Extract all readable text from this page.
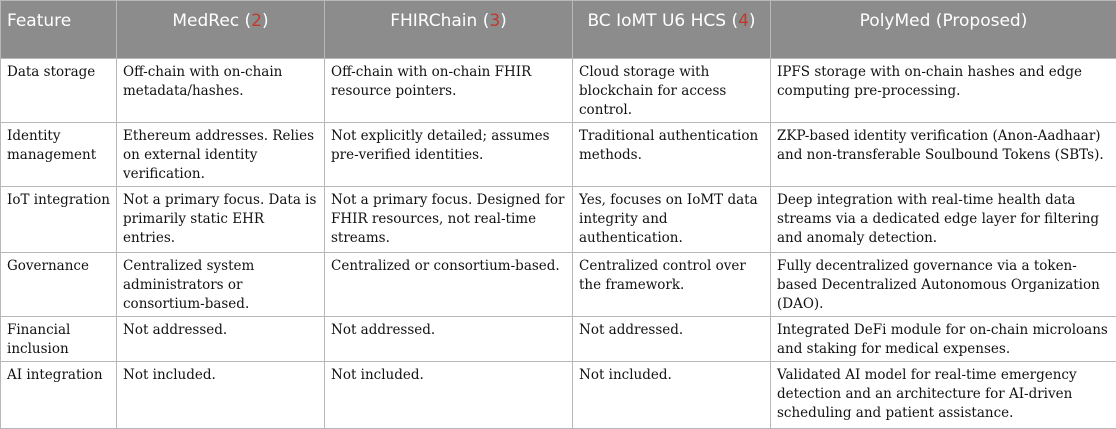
Feature	MedRec (2)	FHIRChain (3)	BC IoMT U6 HCS (4)	PolyMed (Proposed)
Data storage	Off-chain with on-chain metadata/hashes.	Off-chain with on-chain FHIR resource pointers.	Cloud storage with blockchain for access control.	IPFS storage with on-chain hashes and edge computing pre-processing.
Identity management	Ethereum addresses. Relies on external identity verification.	Not explicitly detailed; assumes pre-verified identities.	Traditional authentication methods.	ZKP-based identity verification (Anon-Aadhaar) and non-transferable Soulbound Tokens (SBTs).
IoT integration	Not a primary focus. Data is primarily static EHR entries.	Not a primary focus. Designed for FHIR resources, not real-time streams.	Yes, focuses on IoMT data integrity and authentication.	Deep integration with real-time health data streams via a dedicated edge layer for filtering and anomaly detection.
Governance	Centralized system administrators or consortium-based.	Centralized or consortium-based.	Centralized control over the framework.	Fully decentralized governance via a token-based Decentralized Autonomous Organization (DAO).
Financial inclusion	Not addressed.	Not addressed.	Not addressed.	Integrated DeFi module for on-chain microloans and staking for medical expenses.
AI integration	Not included.	Not included.	Not included.	Validated AI model for real-time emergency detection and an architecture for AI-driven scheduling and patient assistance.
